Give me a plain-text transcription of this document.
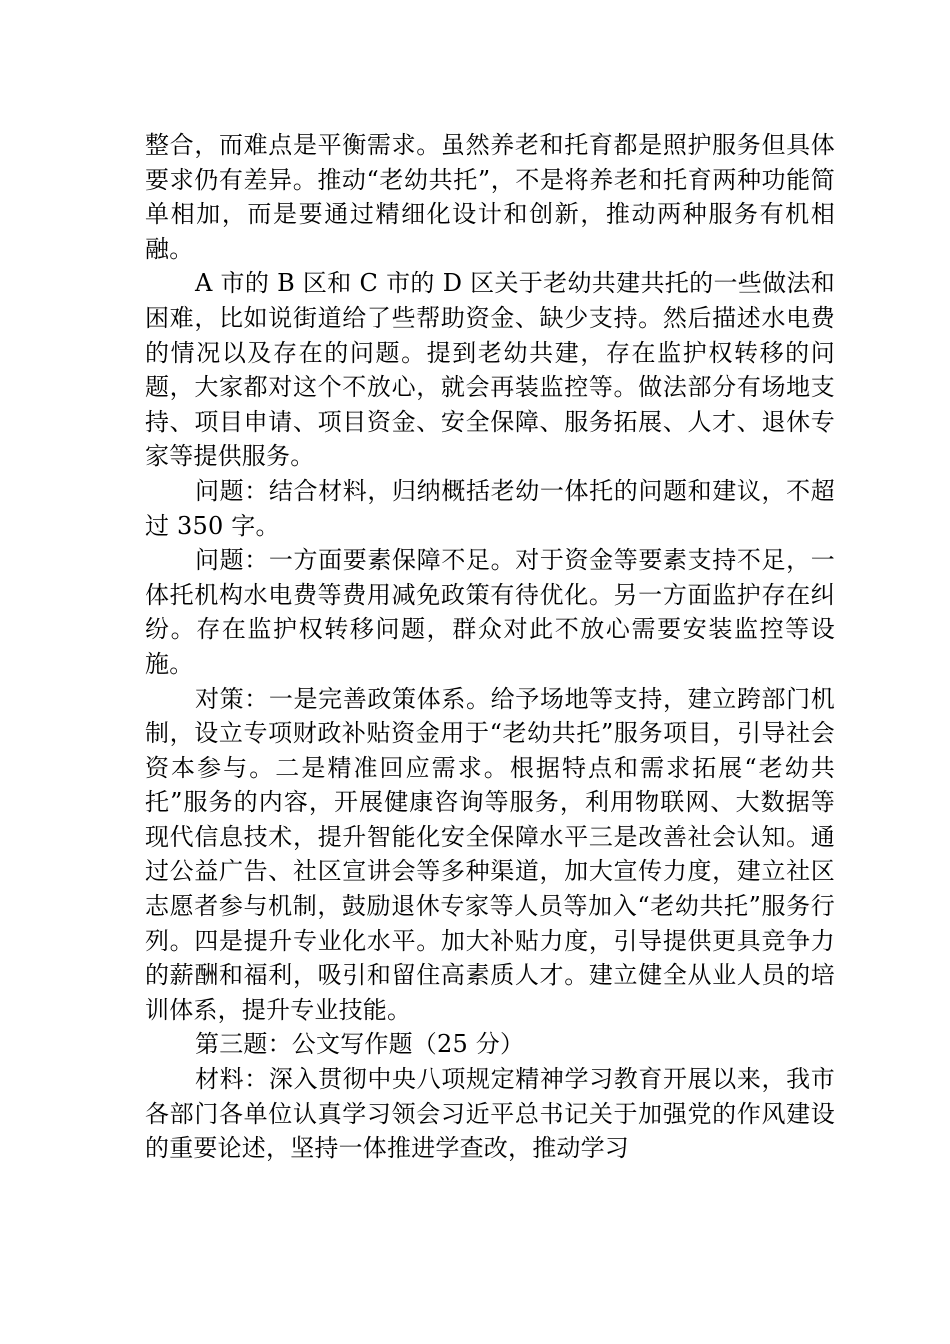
整合，而难点是平衡需求。虽然养老和托育都是照护服务但具体要求仍有差异。推动“老幼共托”，不是将养老和托育两种功能简单相加，而是要通过精细化设计和创新，推动两种服务有机相融。

A 市的 B 区和 C 市的 D 区关于老幼共建共托的一些做法和困难，比如说街道给了些帮助资金、缺少支持。然后描述水电费的情况以及存在的问题。提到老幼共建，存在监护权转移的问题，大家都对这个不放心，就会再装监控等。做法部分有场地支持、项目申请、项目资金、安全保障、服务拓展、人才、退休专家等提供服务。

问题：结合材料，归纳概括老幼一体托的问题和建议，不超过 350 字。

问题：一方面要素保障不足。对于资金等要素支持不足，一体托机构水电费等费用减免政策有待优化。另一方面监护存在纠纷。存在监护权转移问题，群众对此不放心需要安装监控等设施。

对策：一是完善政策体系。给予场地等支持，建立跨部门机制，设立专项财政补贴资金用于“老幼共托”服务项目，引导社会资本参与。二是精准回应需求。根据特点和需求拓展“老幼共托”服务的内容，开展健康咨询等服务，利用物联网、大数据等现代信息技术，提升智能化安全保障水平三是改善社会认知。通过公益广告、社区宣讲会等多种渠道，加大宣传力度，建立社区志愿者参与机制，鼓励退休专家等人员等加入“老幼共托”服务行列。四是提升专业化水平。加大补贴力度，引导提供更具竞争力的薪酬和福利，吸引和留住高素质人才。建立健全从业人员的培训体系，提升专业技能。

第三题：公文写作题（25 分）

材料：深入贯彻中央八项规定精神学习教育开展以来，我市各部门各单位认真学习领会习近平总书记关于加强党的作风建设的重要论述，坚持一体推进学查改，推动学习
